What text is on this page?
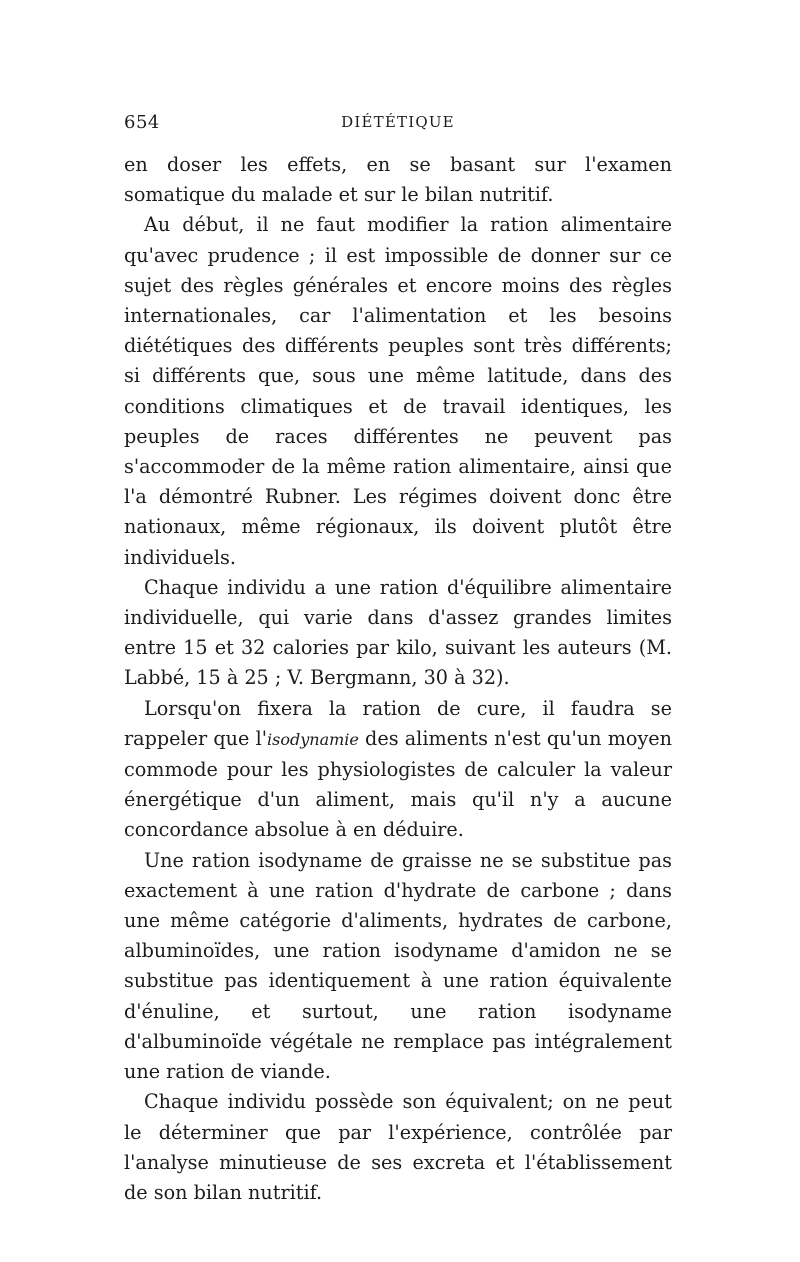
654	DIÉTÉTIQUE

en doser les effets, en se basant sur l'examen somatique du malade et sur le bilan nutritif.

Au début, il ne faut modifier la ration alimentaire qu'avec prudence ; il est impossible de donner sur ce sujet des règles générales et encore moins des règles internationales, car l'alimentation et les besoins diététiques des différents peuples sont très différents; si différents que, sous une même latitude, dans des conditions climatiques et de travail identiques, les peuples de races différentes ne peuvent pas s'accommoder de la même ration alimentaire, ainsi que l'a démontré Rubner. Les régimes doivent donc être nationaux, même régionaux, ils doivent plutôt être individuels.

Chaque individu a une ration d'équilibre alimentaire individuelle, qui varie dans d'assez grandes limites entre 15 et 32 calories par kilo, suivant les auteurs (M. Labbé, 15 à 25 ; V. Bergmann, 30 à 32).

Lorsqu'on fixera la ration de cure, il faudra se rappeler que l'isodynamie des aliments n'est qu'un moyen commode pour les physiologistes de calculer la valeur énergétique d'un aliment, mais qu'il n'y a aucune concordance absolue à en déduire.

Une ration isodyname de graisse ne se substitue pas exactement à une ration d'hydrate de carbone ; dans une même catégorie d'aliments, hydrates de carbone, albuminoïdes, une ration isodyname d'amidon ne se substitue pas identiquement à une ration équivalente d'énuline, et surtout, une ration isodyname d'albuminoïde végétale ne remplace pas intégralement une ration de viande.

Chaque individu possède son équivalent; on ne peut le déterminer que par l'expérience, contrôlée par l'analyse minutieuse de ses excreta et l'établissement de son bilan nutritif.
